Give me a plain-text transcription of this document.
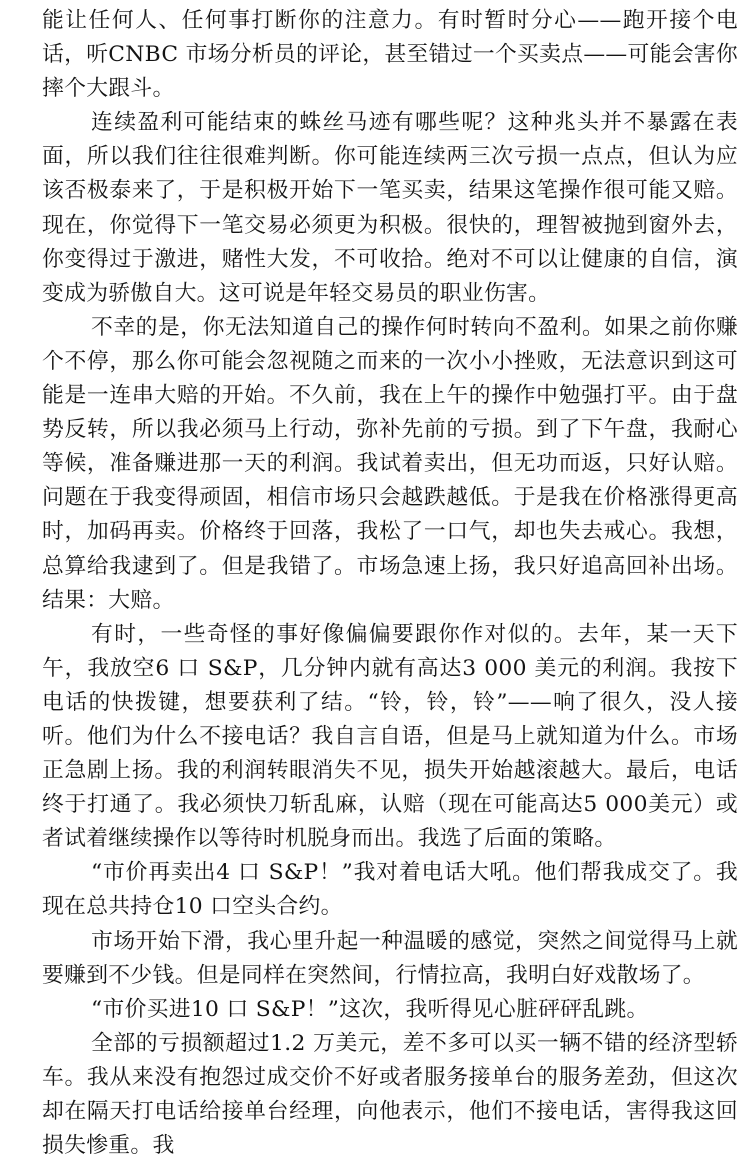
能让任何人、任何事打断你的注意力。有时暂时分心——跑开接个电话，听CNBC 市场分析员的评论，甚至错过一个买卖点——可能会害你摔个大跟斗。

连续盈利可能结束的蛛丝马迹有哪些呢？这种兆头并不暴露在表面，所以我们往往很难判断。你可能连续两三次亏损一点点，但认为应该否极泰来了，于是积极开始下一笔买卖，结果这笔操作很可能又赔。现在，你觉得下一笔交易必须更为积极。很快的，理智被抛到窗外去，你变得过于激进，赌性大发，不可收拾。绝对不可以让健康的自信，演变成为骄傲自大。这可说是年轻交易员的职业伤害。

不幸的是，你无法知道自己的操作何时转向不盈利。如果之前你赚个不停，那么你可能会忽视随之而来的一次小小挫败，无法意识到这可能是一连串大赔的开始。不久前，我在上午的操作中勉强打平。由于盘势反转，所以我必须马上行动，弥补先前的亏损。到了下午盘，我耐心等候，准备赚进那一天的利润。我试着卖出，但无功而返，只好认赔。问题在于我变得顽固，相信市场只会越跌越低。于是我在价格涨得更高时，加码再卖。价格终于回落，我松了一口气，却也失去戒心。我想，总算给我逮到了。但是我错了。市场急速上扬，我只好追高回补出场。结果：大赔。

有时，一些奇怪的事好像偏偏要跟你作对似的。去年，某一天下午，我放空6 口 S&P，几分钟内就有高达3 000 美元的利润。我按下电话的快拨键，想要获利了结。“铃，铃，铃”——响了很久，没人接听。他们为什么不接电话？我自言自语，但是马上就知道为什么。市场正急剧上扬。我的利润转眼消失不见，损失开始越滚越大。最后，电话终于打通了。我必须快刀斩乱麻，认赔（现在可能高达5 000美元）或者试着继续操作以等待时机脱身而出。我选了后面的策略。

“市价再卖出4 口 S&P！”我对着电话大吼。他们帮我成交了。我现在总共持仓10 口空头合约。

市场开始下滑，我心里升起一种温暖的感觉，突然之间觉得马上就要赚到不少钱。但是同样在突然间，行情拉高，我明白好戏散场了。

“市价买进10 口 S&P！”这次，我听得见心脏砰砰乱跳。

全部的亏损额超过1.2 万美元，差不多可以买一辆不错的经济型轿车。我从来没有抱怨过成交价不好或者服务接单台的服务差劲，但这次却在隔天打电话给接单台经理，向他表示，他们不接电话，害得我这回损失惨重。我
